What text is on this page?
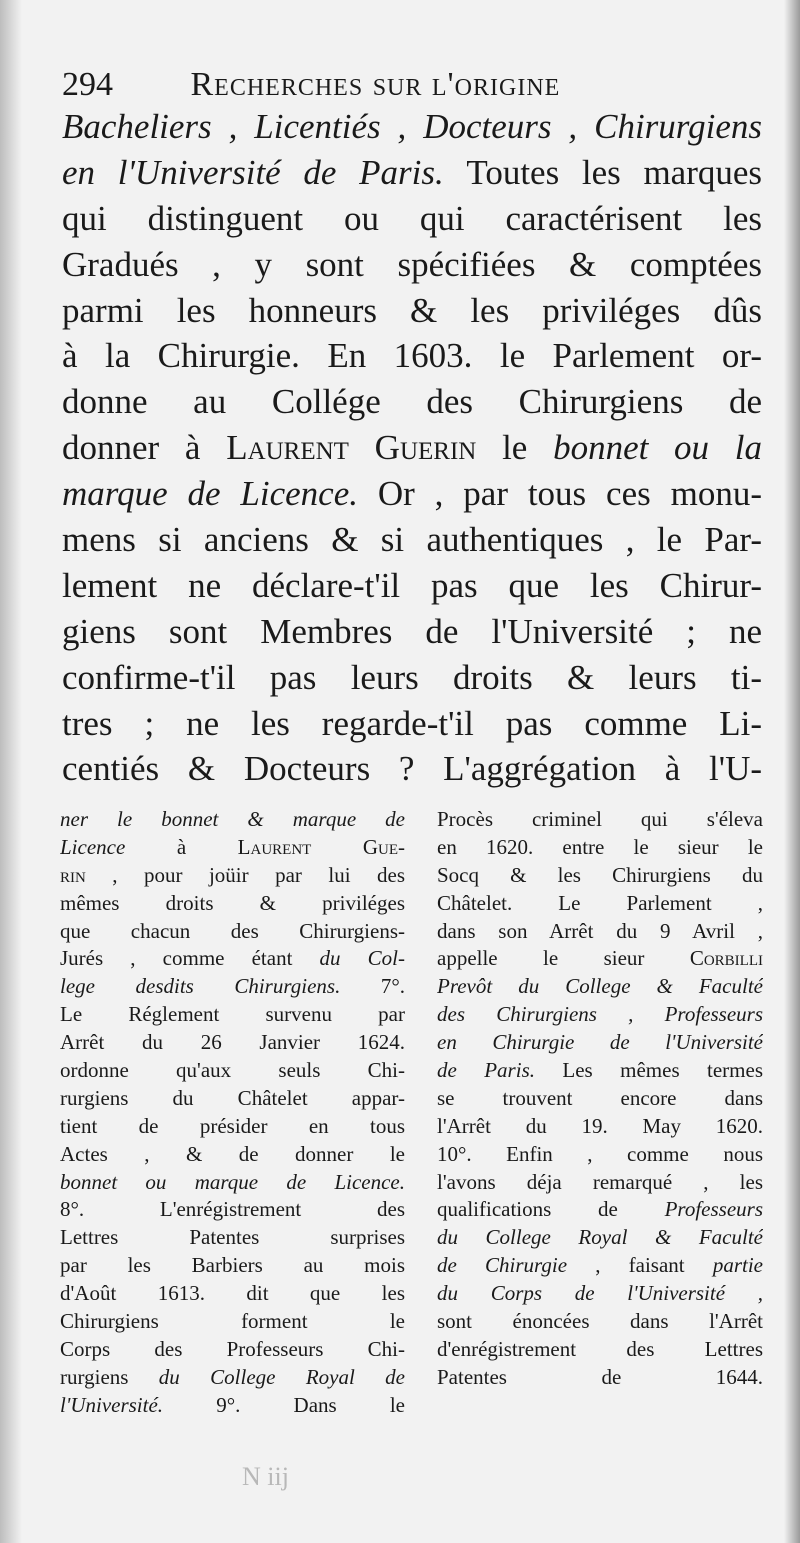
294 Recherches sur l'origine
Bacheliers , Licentiés , Docteurs , Chirurgiens
en l'Université de Paris. Toutes les marques
qui distinguent ou qui caractérisent les
Gradués , y sont spécifiées & comptées
parmi les honneurs & les priviléges dûs
à la Chirurgie. En 1603. le Parlement or-
donne au Collége des Chirurgiens de
donner à Laurent Guerin le bonnet ou la
marque de Licence. Or , par tous ces monu-
mens si anciens & si authentiques , le Par-
lement ne déclare-t'il pas que les Chirur-
giens sont Membres de l'Université ; ne
confirme-t'il pas leurs droits & leurs ti-
tres ; ne les regarde-t'il pas comme Li-
centiés & Docteurs ? L'aggrégation à l'U-
ner le bonnet & marque de
Licence à Laurent Gue-
rin , pour joüir par lui des
mêmes droits & priviléges
que chacun des Chirurgiens-
Jurés , comme étant du Col-
lege desdits Chirurgiens. 7°.
Le Réglement survenu par
Arrêt du 26 Janvier 1624.
ordonne qu'aux seuls Chi-
rurgiens du Châtelet appar-
tient de présider en tous
Actes , & de donner le
bonnet ou marque de Licence.
8°. L'enrégistrement des
Lettres Patentes surprises
par les Barbiers au mois
d'Août 1613. dit que les
Chirurgiens forment le
Corps des Professeurs Chi-
rurgiens du College Royal de
l'Université. 9°. Dans le
Procès criminel qui s'éleva
en 1620. entre le sieur le
Socq & les Chirurgiens du
Châtelet. Le Parlement ,
dans son Arrêt du 9 Avril ,
appelle le sieur Corbilli
Prevôt du College & Faculté
des Chirurgiens , Professeurs
en Chirurgie de l'Université
de Paris. Les mêmes termes
se trouvent encore dans
l'Arrêt du 19. May 1620.
10°. Enfin , comme nous
l'avons déja remarqué , les
qualifications de Professeurs
du College Royal & Faculté
de Chirurgie , faisant partie
du Corps de l'Université ,
sont énoncées dans l'Arrêt
d'enrégistrement des Lettres
Patentes de 1644.
N iij
